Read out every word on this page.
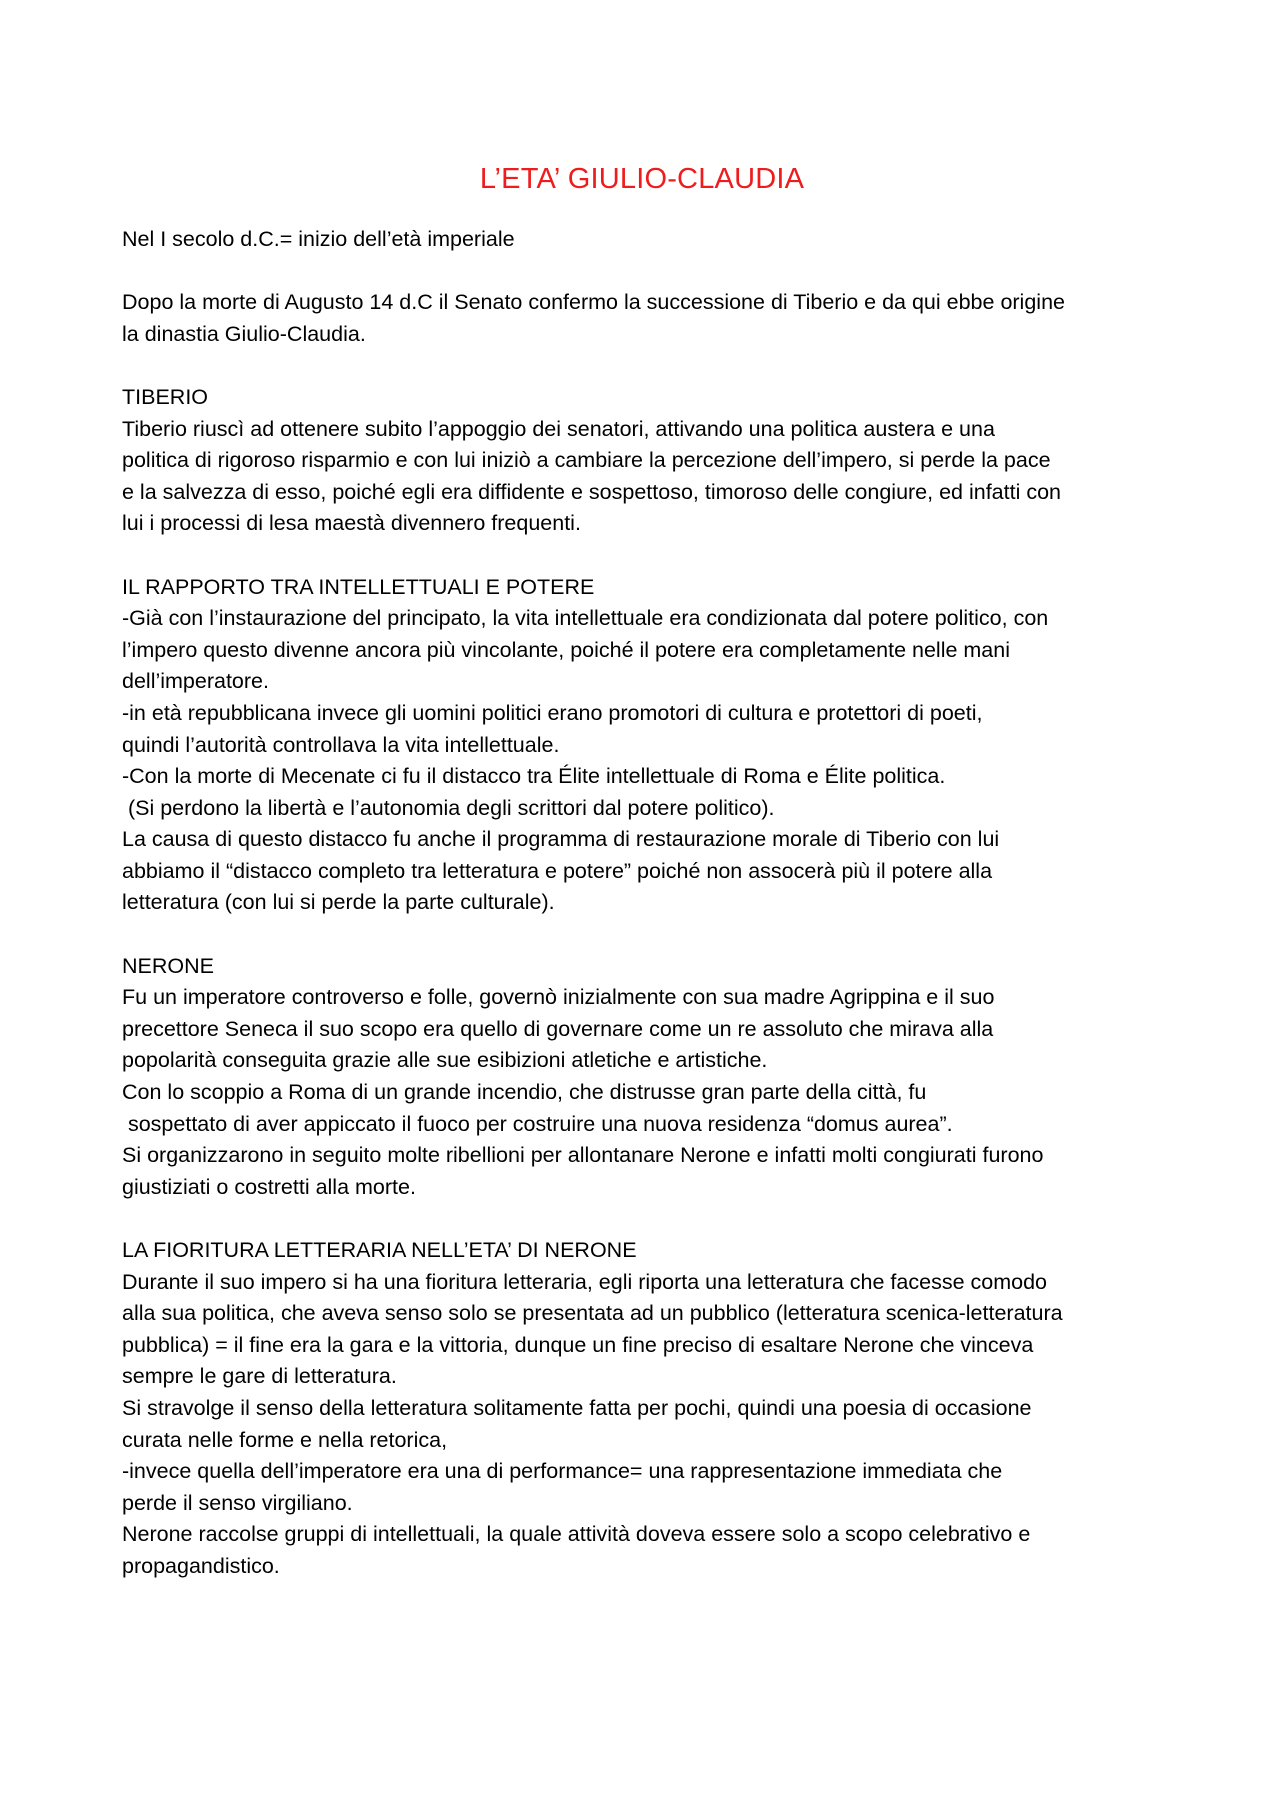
L’ETA’ GIULIO-CLAUDIA
Nel I secolo d.C.= inizio dell’età imperiale
Dopo la morte di Augusto 14 d.C il Senato confermo la successione di Tiberio e da qui ebbe origine
la dinastia Giulio-Claudia.
TIBERIO
Tiberio riuscì ad ottenere subito l’appoggio dei senatori, attivando una politica austera e una
politica di rigoroso risparmio e con lui iniziò a cambiare la percezione dell’impero, si perde la pace
e la salvezza di esso, poiché egli era diffidente e sospettoso, timoroso delle congiure, ed infatti con
lui i processi di lesa maestà divennero frequenti.
IL RAPPORTO TRA INTELLETTUALI E POTERE
-Già con l’instaurazione del principato, la vita intellettuale era condizionata dal potere politico, con
l’impero questo divenne ancora più vincolante, poiché il potere era completamente nelle mani
dell’imperatore.
-in età repubblicana invece gli uomini politici erano promotori di cultura e protettori di poeti,
quindi l’autorità controllava la vita intellettuale.
-Con la morte di Mecenate ci fu il distacco tra Élite intellettuale di Roma e Élite politica.
(Si perdono la libertà e l’autonomia degli scrittori dal potere politico).
La causa di questo distacco fu anche il programma di restaurazione morale di Tiberio con lui
abbiamo il “distacco completo tra letteratura e potere” poiché non assocerà più il potere alla
letteratura (con lui si perde la parte culturale).
NERONE
Fu un imperatore controverso e folle, governò inizialmente con sua madre Agrippina e il suo
precettore Seneca il suo scopo era quello di governare come un re assoluto che mirava alla
popolarità conseguita grazie alle sue esibizioni atletiche e artistiche.
Con lo scoppio a Roma di un grande incendio, che distrusse gran parte della città, fu
sospettato di aver appiccato il fuoco per costruire una nuova residenza “domus aurea”.
Si organizzarono in seguito molte ribellioni per allontanare Nerone e infatti molti congiurati furono
giustiziati o costretti alla morte.
LA FIORITURA LETTERARIA NELL’ETA’ DI NERONE
Durante il suo impero si ha una fioritura letteraria, egli riporta una letteratura che facesse comodo
alla sua politica, che aveva senso solo se presentata ad un pubblico (letteratura scenica-letteratura
pubblica) = il fine era la gara e la vittoria, dunque un fine preciso di esaltare Nerone che vinceva
sempre le gare di letteratura.
Si stravolge il senso della letteratura solitamente fatta per pochi, quindi una poesia di occasione
curata nelle forme e nella retorica,
-invece quella dell’imperatore era una di performance= una rappresentazione immediata che
perde il senso virgiliano.
Nerone raccolse gruppi di intellettuali, la quale attività doveva essere solo a scopo celebrativo e
propagandistico.
